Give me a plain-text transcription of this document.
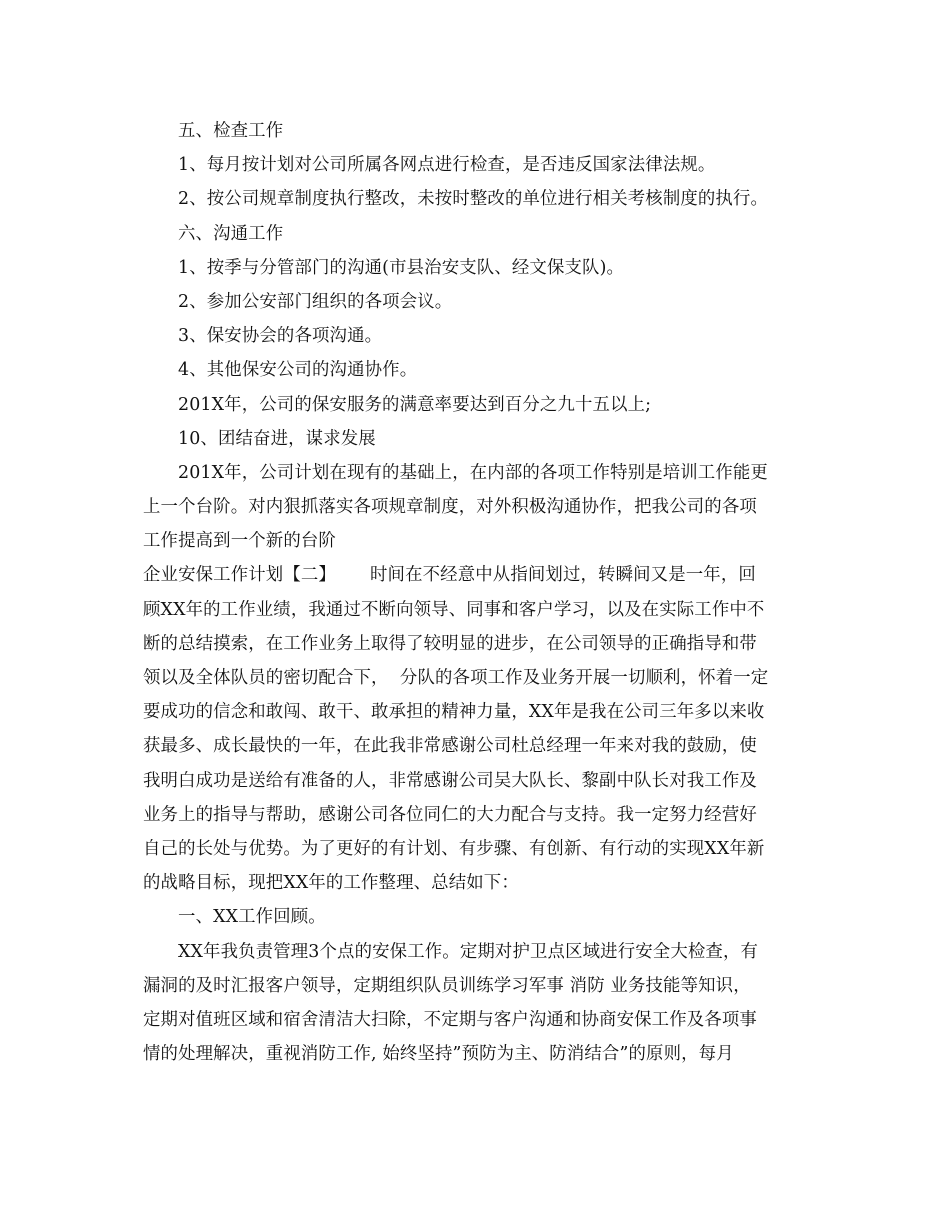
五、检查工作
1、每月按计划对公司所属各网点进行检查，是否违反国家法律法规。
2、按公司规章制度执行整改，未按时整改的单位进行相关考核制度的执行。
六、沟通工作
1、按季与分管部门的沟通(市县治安支队、经文保支队)。
2、参加公安部门组织的各项会议。
3、保安协会的各项沟通。
4、其他保安公司的沟通协作。
201X年，公司的保安服务的满意率要达到百分之九十五以上;
10、团结奋进，谋求发展
201X年，公司计划在现有的基础上，在内部的各项工作特别是培训工作能更
上一个台阶。对内狠抓落实各项规章制度，对外积极沟通协作，把我公司的各项
工作提高到一个新的台阶
企业安保工作计划【二】      时间在不经意中从指间划过，转瞬间又是一年，回
顾XX年的工作业绩，我通过不断向领导、同事和客户学习，以及在实际工作中不
断的总结摸索，在工作业务上取得了较明显的进步，在公司领导的正确指导和带
领以及全体队员的密切配合下，  分队的各项工作及业务开展一切顺利，怀着一定
要成功的信念和敢闯、敢干、敢承担的精神力量，XX年是我在公司三年多以来收
获最多、成长最快的一年，在此我非常感谢公司杜总经理一年来对我的鼓励，使
我明白成功是送给有准备的人，非常感谢公司吴大队长、黎副中队长对我工作及
业务上的指导与帮助，感谢公司各位同仁的大力配合与支持。我一定努力经营好
自己的长处与优势。为了更好的有计划、有步骤、有创新、有行动的实现XX年新
的战略目标，现把XX年的工作整理、总结如下：
一、XX工作回顾。
XX年我负责管理3个点的安保工作。定期对护卫点区域进行安全大检查，有
漏洞的及时汇报客户领导，定期组织队员训练学习军事 消防 业务技能等知识，
定期对值班区域和宿舍清洁大扫除，不定期与客户沟通和协商安保工作及各项事
情的处理解决，重视消防工作, 始终坚持”预防为主、防消结合”的原则，每月
